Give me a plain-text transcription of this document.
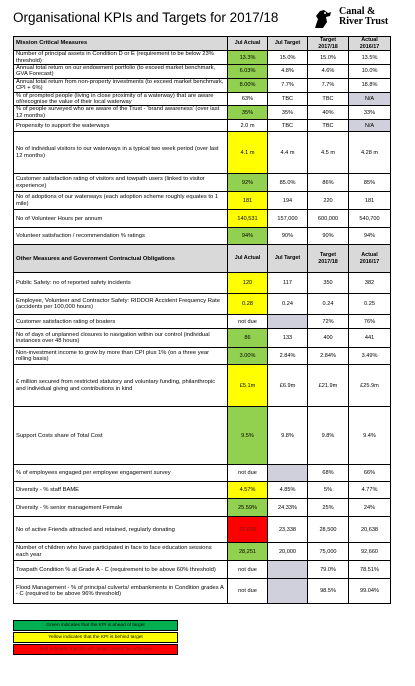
Organisational KPIs and Targets for 2017/18	Canal &
River Trust
Mission Critical Measures	Jul Actual	Jul Target	Target 2017/18	Actual 2016/17
Number of principal assets in Condition D or E (requirement to be below 23% threshold)	13.3%	15.0%	15.0%	13.5%
Annual total return on our endowment portfolio (to exceed market benchmark, GVA Forecast)	6.03%	4.8%	4.6%	10.0%
Annual total return from non-property investments (to exceed market benchmark, CPI + 6%)	8.00%	7.7%	7.7%	18.8%
% of prompted people (living in close proximity of a waterway) that are aware of/recognise the value of their local waterway	63%	TBC	TBC	N/A
% of people surveyed who are aware of the Trust - 'brand awareness' (over last 12 months)	35%	35%	40%	33%
Propensity to support the waterways	2.0 m	TBC	TBC	N/A
No of individual visitors to our waterways in a typical two week period (over last 12 months)	4.1 m	4.4 m	4.5 m	4.28 m
Customer satisfaction rating of visitors and towpath users (linked to visitor experience)	92%	85.0%	86%	85%
No of adoptions of our waterways (each adoption scheme roughly equates to 1 mile)	181	194	220	181
No of Volunteer Hours per annum	140,531	157,000	600,000	540,700
Volunteer satisfaction / recommendation % ratings	94%	90%	90%	94%
Other Measures and Government Contractual Obligations	Jul Actual	Jul Target	Target 2017/18	Actual 2016/17
Public Safety: no of reported safety incidents	120	117	350	382
Employee, Volunteer and Contractor Safety: RIDDOR Accident Frequency Rate (accidents per 100,000 hours)	0.28	0.24	0.24	0.25
Customer satisfaction rating of boaters	not due		72%	76%
No of days of unplanned closures to navigation within our control (individual instances over 48 hours)	86	133	400	441
Non-investment income to grow by more than CPI plus 1% (on a three year rolling basis)	3.00%	2.84%	2.84%	3.49%
£ million secured from restricted statutory and voluntary funding, philanthropic and individual giving and contributions in kind	£5.1m	£6.9m	£21.9m	£25.9m
Support Costs share of Total Cost	9.5%	9.8%	9.8%	9.4%
% of employees engaged per employee engagement survey	not due		68%	66%
Diversity - % staff BAME	4.57%	4.85%	5%	4.77%
Diversity - % senior management Female	25.59%	24.33%	25%	24%
No of active Friends attracted and retained, regularly donating	22,699	23,338	28,500	20,638
Number of children who have participated in face to face education sessions each year	28,251	20,000	75,000	92,660
Towpath Condition % at Grade A - C (requirement to be above 60% threshold)	not due		79.0%	78.51%
Flood Management - % of principal culverts/ embankments in Condition grades A - C (required to be above 96% threshold)	not due		98.5%	99.04%
Green indicates that the KPI is ahead of target
Yellow indicates that the KPI is behind target
Red indicates that the KPI target cannot be achieved
